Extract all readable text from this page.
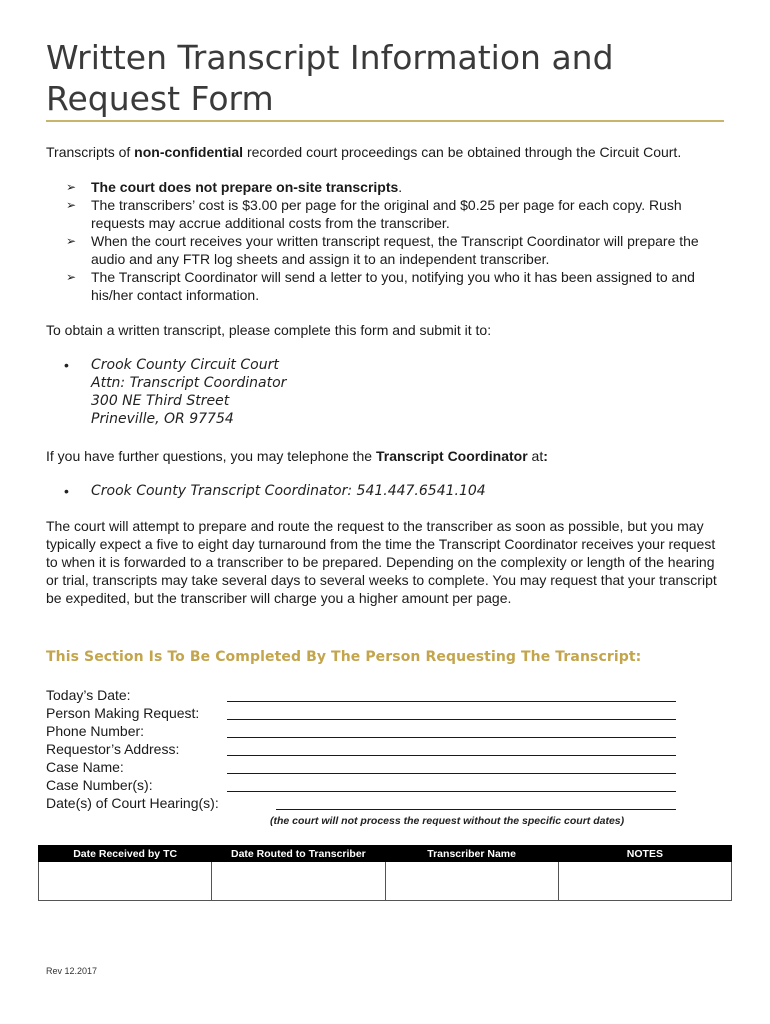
Written Transcript Information and Request Form
Transcripts of non-confidential recorded court proceedings can be obtained through the Circuit Court.
➢ The court does not prepare on-site transcripts.
➢ The transcribers’ cost is $3.00 per page for the original and $0.25 per page for each copy. Rush requests may accrue additional costs from the transcriber.
➢ When the court receives your written transcript request, the Transcript Coordinator will prepare the audio and any FTR log sheets and assign it to an independent transcriber.
➢ The Transcript Coordinator will send a letter to you, notifying you who it has been assigned to and his/her contact information.
To obtain a written transcript, please complete this form and submit it to:
• Crook County Circuit Court
Attn: Transcript Coordinator
300 NE Third Street
Prineville, OR 97754
If you have further questions, you may telephone the Transcript Coordinator at:
• Crook County Transcript Coordinator: 541.447.6541.104
The court will attempt to prepare and route the request to the transcriber as soon as possible, but you may typically expect a five to eight day turnaround from the time the Transcript Coordinator receives your request to when it is forwarded to a transcriber to be prepared. Depending on the complexity or length of the hearing or trial, transcripts may take several days to several weeks to complete. You may request that your transcript be expedited, but the transcriber will charge you a higher amount per page.
This Section Is To Be Completed By The Person Requesting The Transcript:
Today’s Date:
Person Making Request:
Phone Number:
Requestor’s Address:
Case Name:
Case Number(s):
Date(s) of Court Hearing(s):
(the court will not process the request without the specific court dates)
Date Received by TC	Date Routed to Transcriber	Transcriber Name	NOTES

Rev 12.2017
